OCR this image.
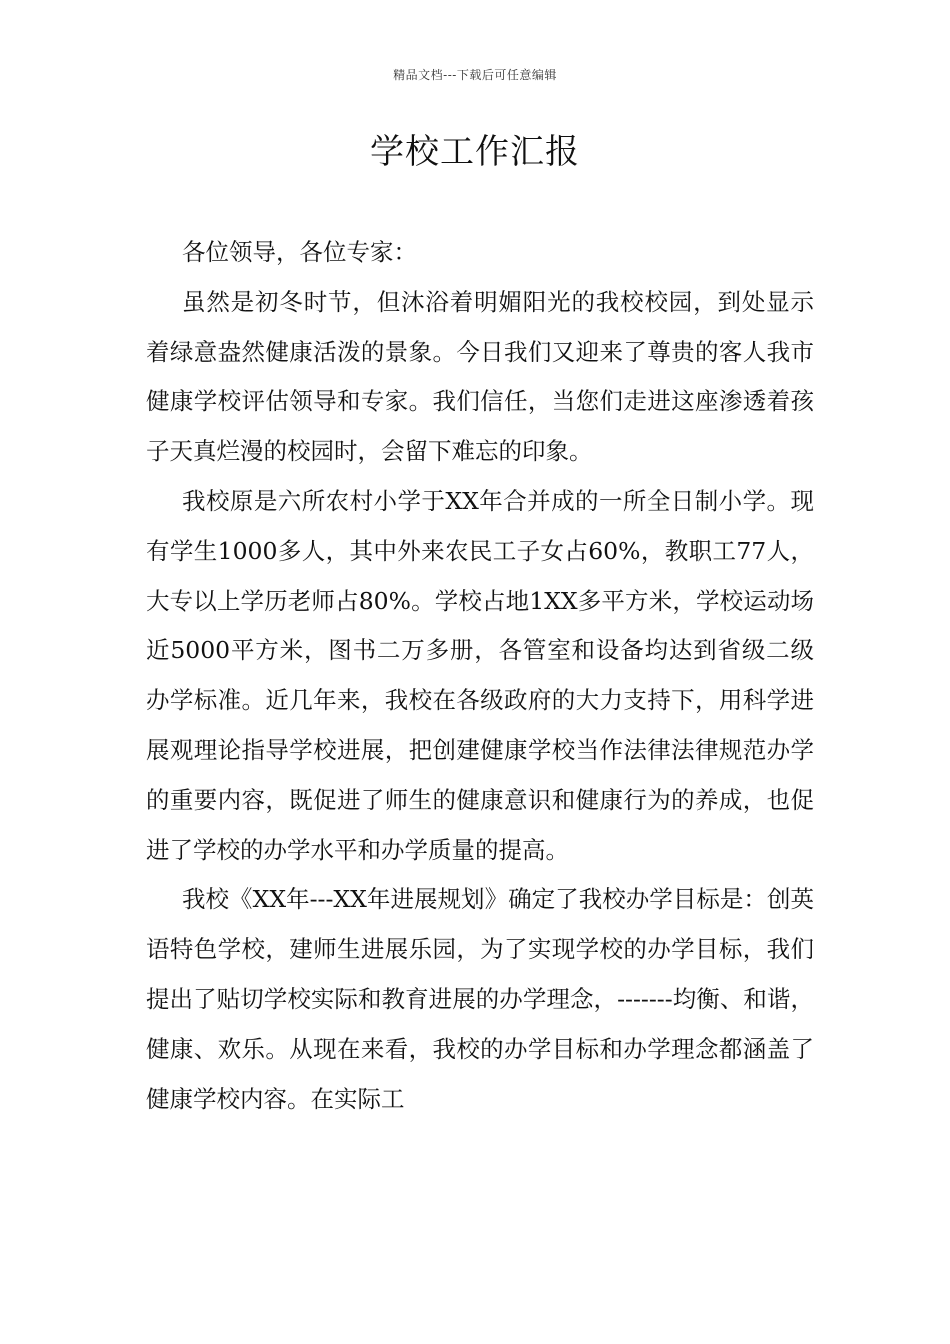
精品文档---下载后可任意编辑
学校工作汇报

各位领导，各位专家：

虽然是初冬时节，但沐浴着明媚阳光的我校校园，到处显示着绿意盎然健康活泼的景象。今日我们又迎来了尊贵的客人我市健康学校评估领导和专家。我们信任，当您们走进这座渗透着孩子天真烂漫的校园时，会留下难忘的印象。

我校原是六所农村小学于XX年合并成的一所全日制小学。现有学生1000多人，其中外来农民工子女占60%，教职工77人，大专以上学历老师占80%。学校占地1XX多平方米，学校运动场近5000平方米，图书二万多册，各管室和设备均达到省级二级办学标准。近几年来，我校在各级政府的大力支持下，用科学进展观理论指导学校进展，把创建健康学校当作法律法律规范办学的重要内容，既促进了师生的健康意识和健康行为的养成，也促进了学校的办学水平和办学质量的提高。

我校《XX年---XX年进展规划》确定了我校办学目标是：创英语特色学校，建师生进展乐园，为了实现学校的办学目标，我们提出了贴切学校实际和教育进展的办学理念，-------均衡、和谐，健康、欢乐。从现在来看，我校的办学目标和办学理念都涵盖了健康学校内容。在实际工
